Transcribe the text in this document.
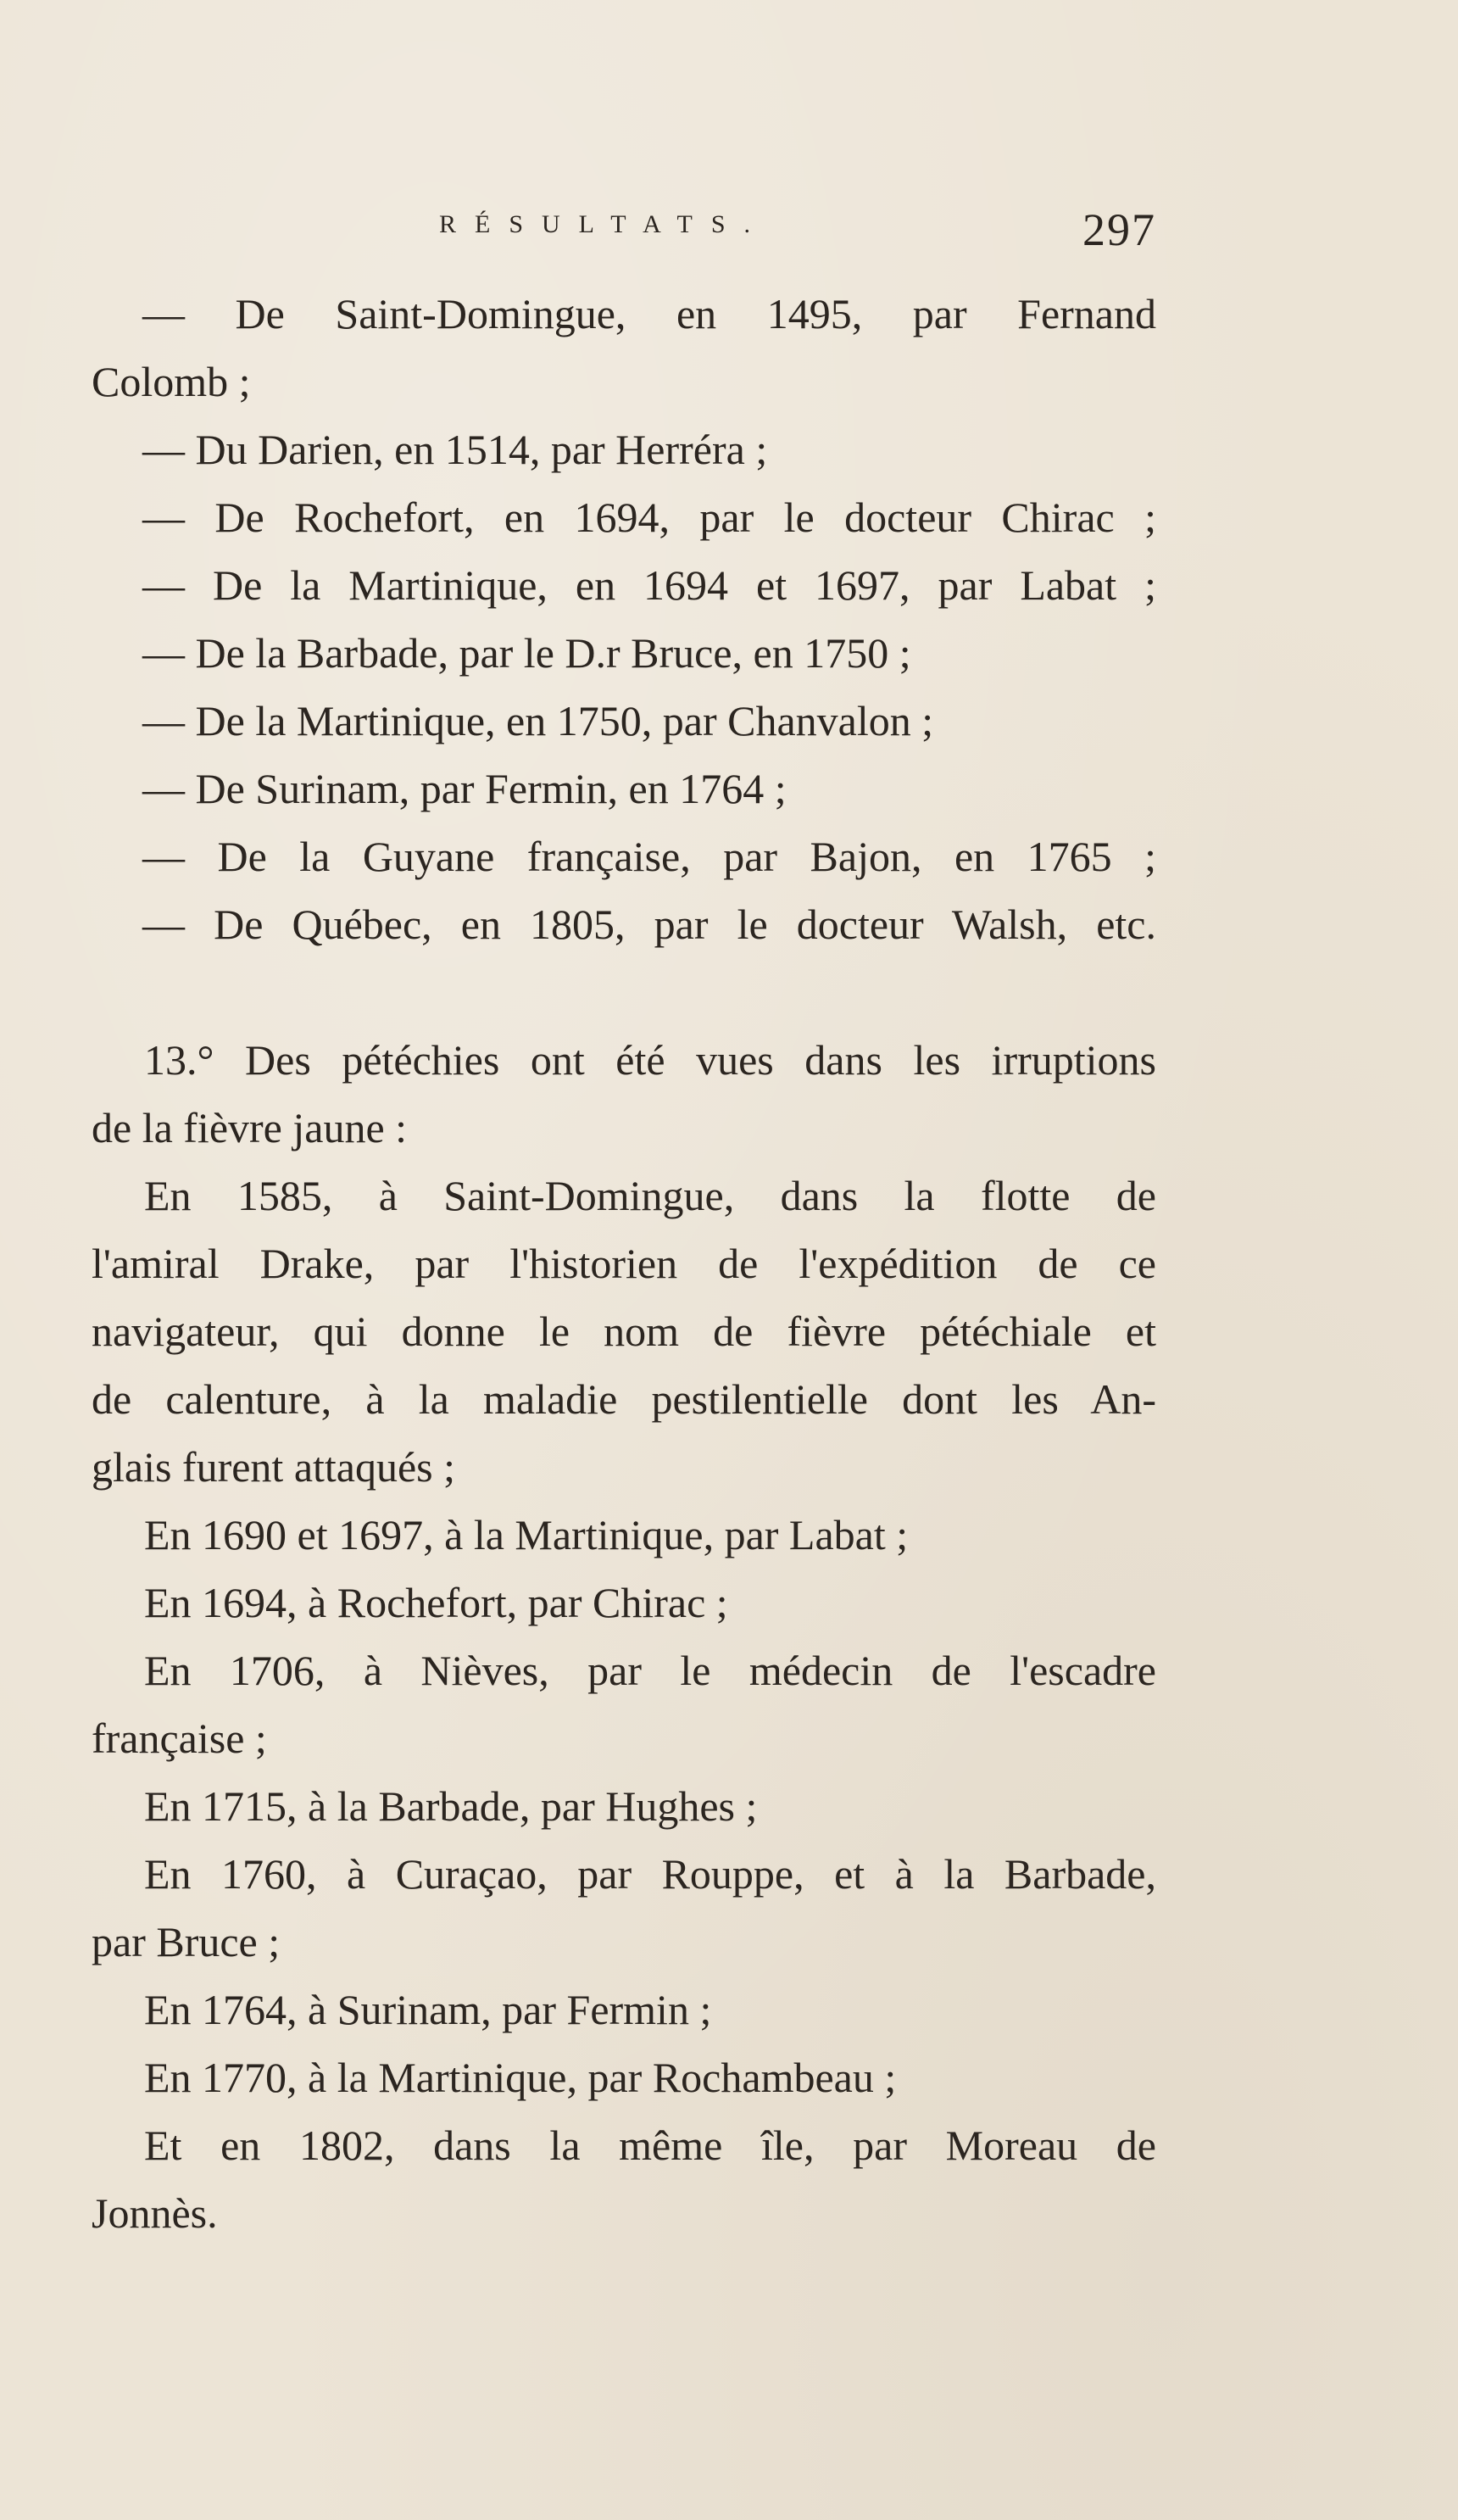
RÉSULTATS.	297
— De Saint-Domingue, en 1495, par Fernand
Colomb ;
— Du Darien, en 1514, par Herréra ;
— De Rochefort, en 1694, par le docteur Chirac ;
— De la Martinique, en 1694 et 1697, par Labat ;
— De la Barbade, par le D.r Bruce, en 1750 ;
— De la Martinique, en 1750, par Chanvalon ;
— De Surinam, par Fermin, en 1764 ;
— De la Guyane française, par Bajon, en 1765 ;
— De Québec, en 1805, par le docteur Walsh, etc.
13.° Des pétéchies ont été vues dans les irruptions
de la fièvre jaune :
En 1585, à Saint-Domingue, dans la flotte de
l'amiral Drake, par l'historien de l'expédition de ce
navigateur, qui donne le nom de fièvre pétéchiale et
de calenture, à la maladie pestilentielle dont les An-
glais furent attaqués ;
En 1690 et 1697, à la Martinique, par Labat ;
En 1694, à Rochefort, par Chirac ;
En 1706, à Nièves, par le médecin de l'escadre
française ;
En 1715, à la Barbade, par Hughes ;
En 1760, à Curaçao, par Rouppe, et à la Barbade,
par Bruce ;
En 1764, à Surinam, par Fermin ;
En 1770, à la Martinique, par Rochambeau ;
Et en 1802, dans la même île, par Moreau de
Jonnès.
